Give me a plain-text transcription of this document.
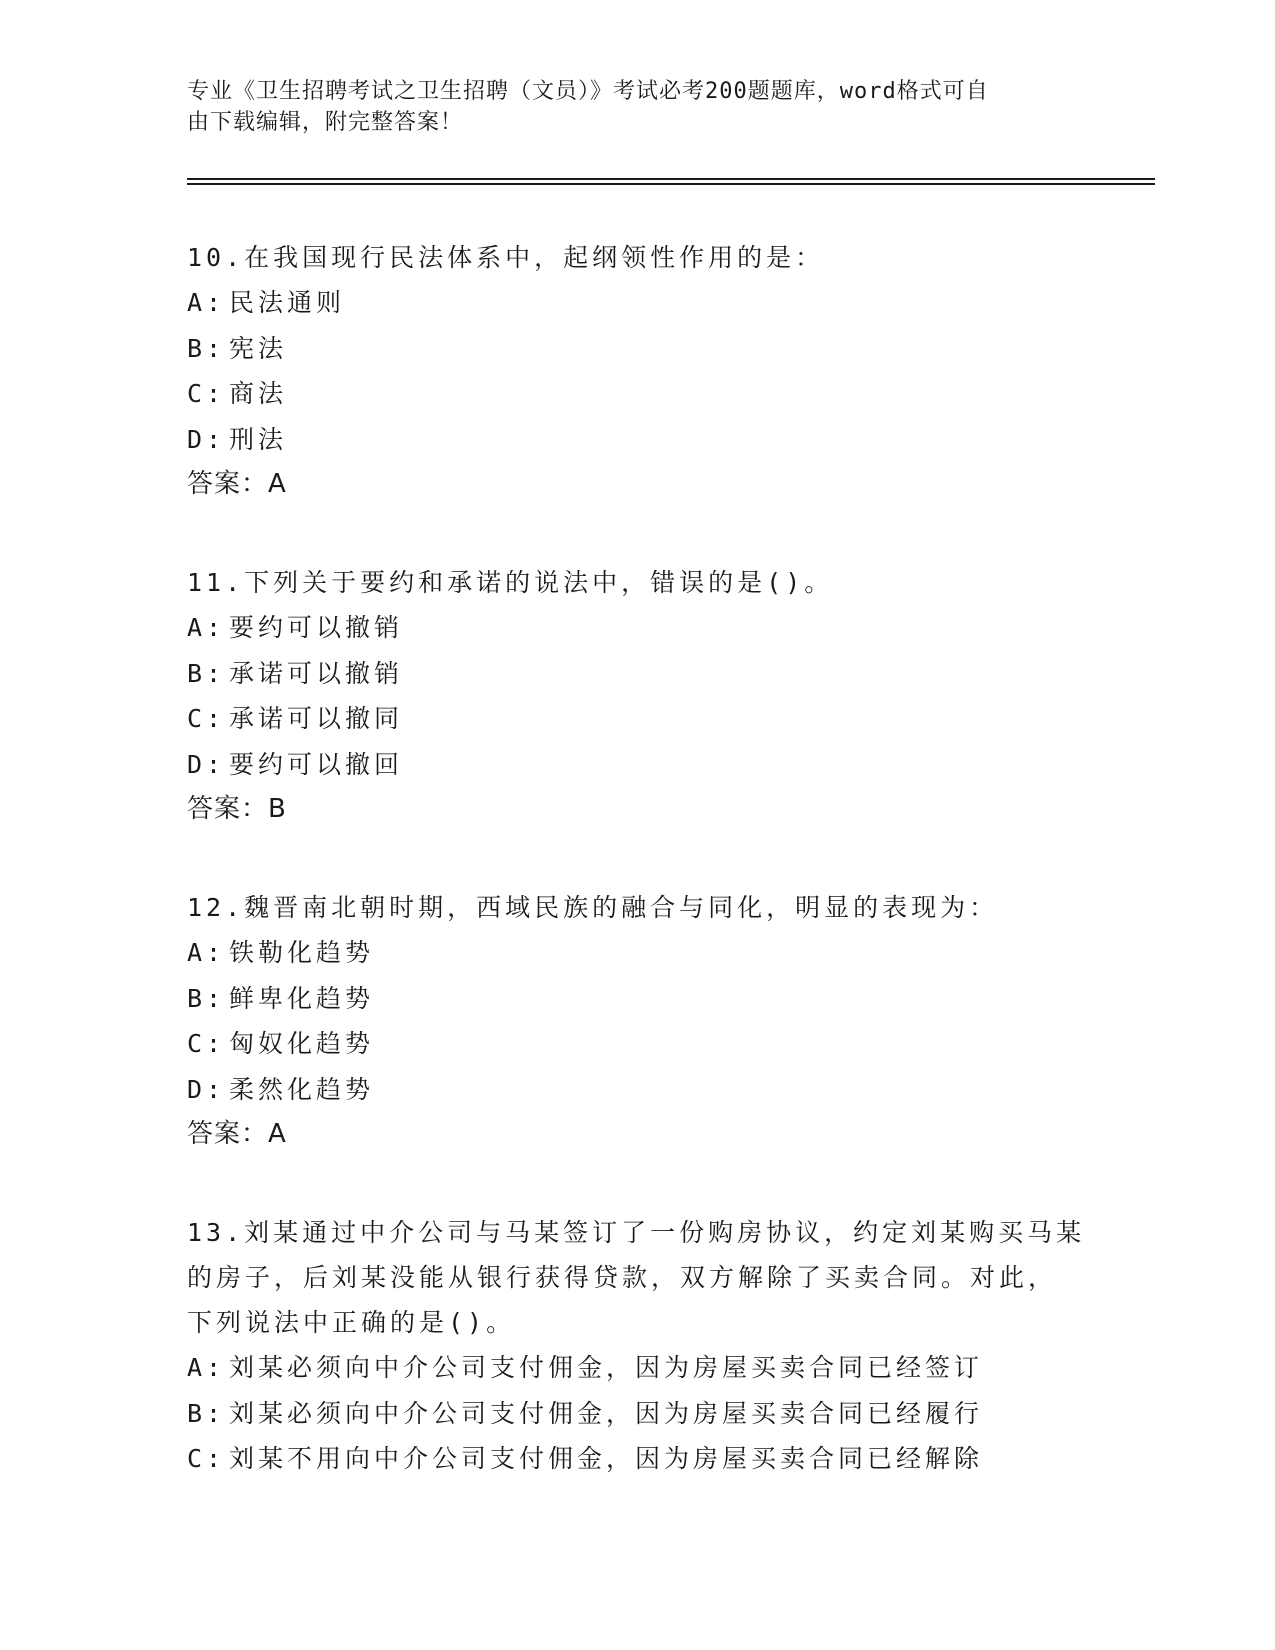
专业《卫生招聘考试之卫生招聘（文员）》考试必考200题题库，word格式可自
由下载编辑，附完整答案！

10.在我国现行民法体系中，起纲领性作用的是：

A: 民法通则

B: 宪法

C: 商法

D: 刑法

答案：A

11.下列关于要约和承诺的说法中，错误的是()。

A: 要约可以撤销

B: 承诺可以撤销

C: 承诺可以撤同

D: 要约可以撤回

答案：B

12.魏晋南北朝时期，西域民族的融合与同化，明显的表现为：

A: 铁勒化趋势

B: 鲜卑化趋势

C: 匈奴化趋势

D: 柔然化趋势

答案：A

13.刘某通过中介公司与马某签订了一份购房协议，约定刘某购买马某

的房子，后刘某没能从银行获得贷款，双方解除了买卖合同。对此，

下列说法中正确的是()。

A: 刘某必须向中介公司支付佣金，因为房屋买卖合同已经签订

B: 刘某必须向中介公司支付佣金，因为房屋买卖合同已经履行

C: 刘某不用向中介公司支付佣金，因为房屋买卖合同已经解除
